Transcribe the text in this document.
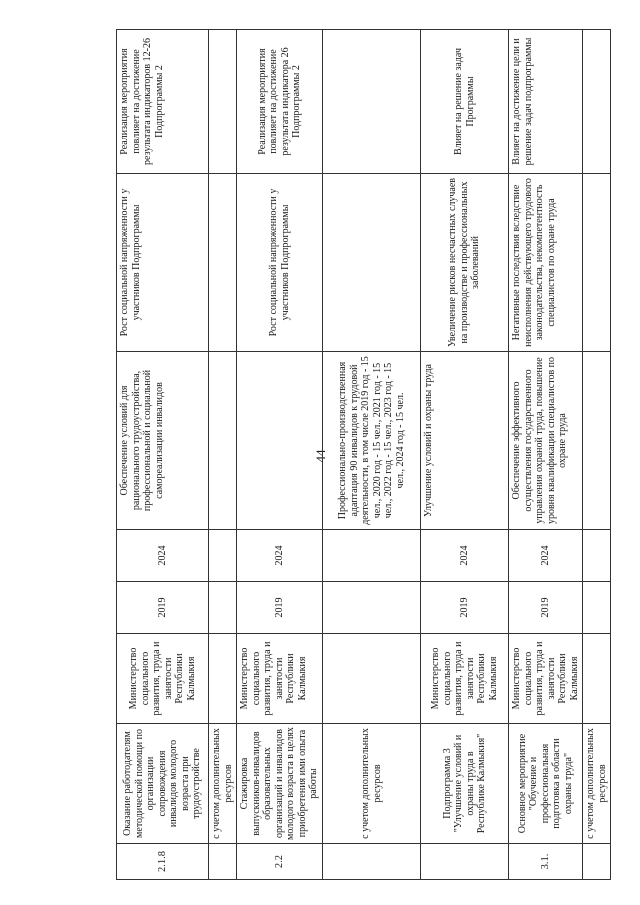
44
2.1.8	Оказание работодателям методической помощи по организации сопровождения инвалидов молодого возраста при трудоустройстве	Министерство социального развития, труда и занятости Республики Калмыкия	2019	2024	Обеспечение условий для рационального трудоустройства, профессиональной и социальной самореализации инвалидов	Рост социальной напряженности у участников Подпрограммы	Реализация мероприятия повлияет на достижение результата индикаторов 12-26 Подпрограммы 2
	с учетом дополнительных ресурсов						
2.2	Стажировка выпускников-инвалидов образовательных организаций и инвалидов молодого возраста в целях приобретения ими опыта работы	Министерство социального развития, труда и занятости Республики Калмыкия	2019	2024		Рост социальной напряженности у участников Подпрограммы	Реализация мероприятия повлияет на достижение результата индикатора 26 Подпрограммы 2
	с учетом дополнительных ресурсов				Профессионально-производственная адаптация 90 инвалидов к трудовой деятельности, в том числе 2019 год - 15 чел., 2020 год - 15 чел., 2021 год - 15 чел., 2022 год - 15 чел., 2023 год - 15 чел., 2024 год - 15 чел.		
	Подпрограмма 3 "Улучшение условий и охраны труда в Республике Калмыкия"	Министерство социального развития, труда и занятости Республики Калмыкия	2019	2024	Улучшение условий и охраны труда	Увеличение рисков несчастных случаев на производстве и профессиональных заболеваний	Влияет на решение задач Программы
3.1.	Основное мероприятие "Обучение и профессиональная подготовка в области охраны труда"	Министерство социального развития, труда и занятости Республики Калмыкия	2019	2024	Обеспечение эффективного осуществления государственного управления охраной труда, повышение уровня квалификации специалистов по охране труда	Негативные последствия вследствие неисполнения действующего трудового законодательства, некомпетентность специалистов по охране труда	Влияет на достижение цели и решение задач подпрограммы
	с учетом дополнительных ресурсов						
